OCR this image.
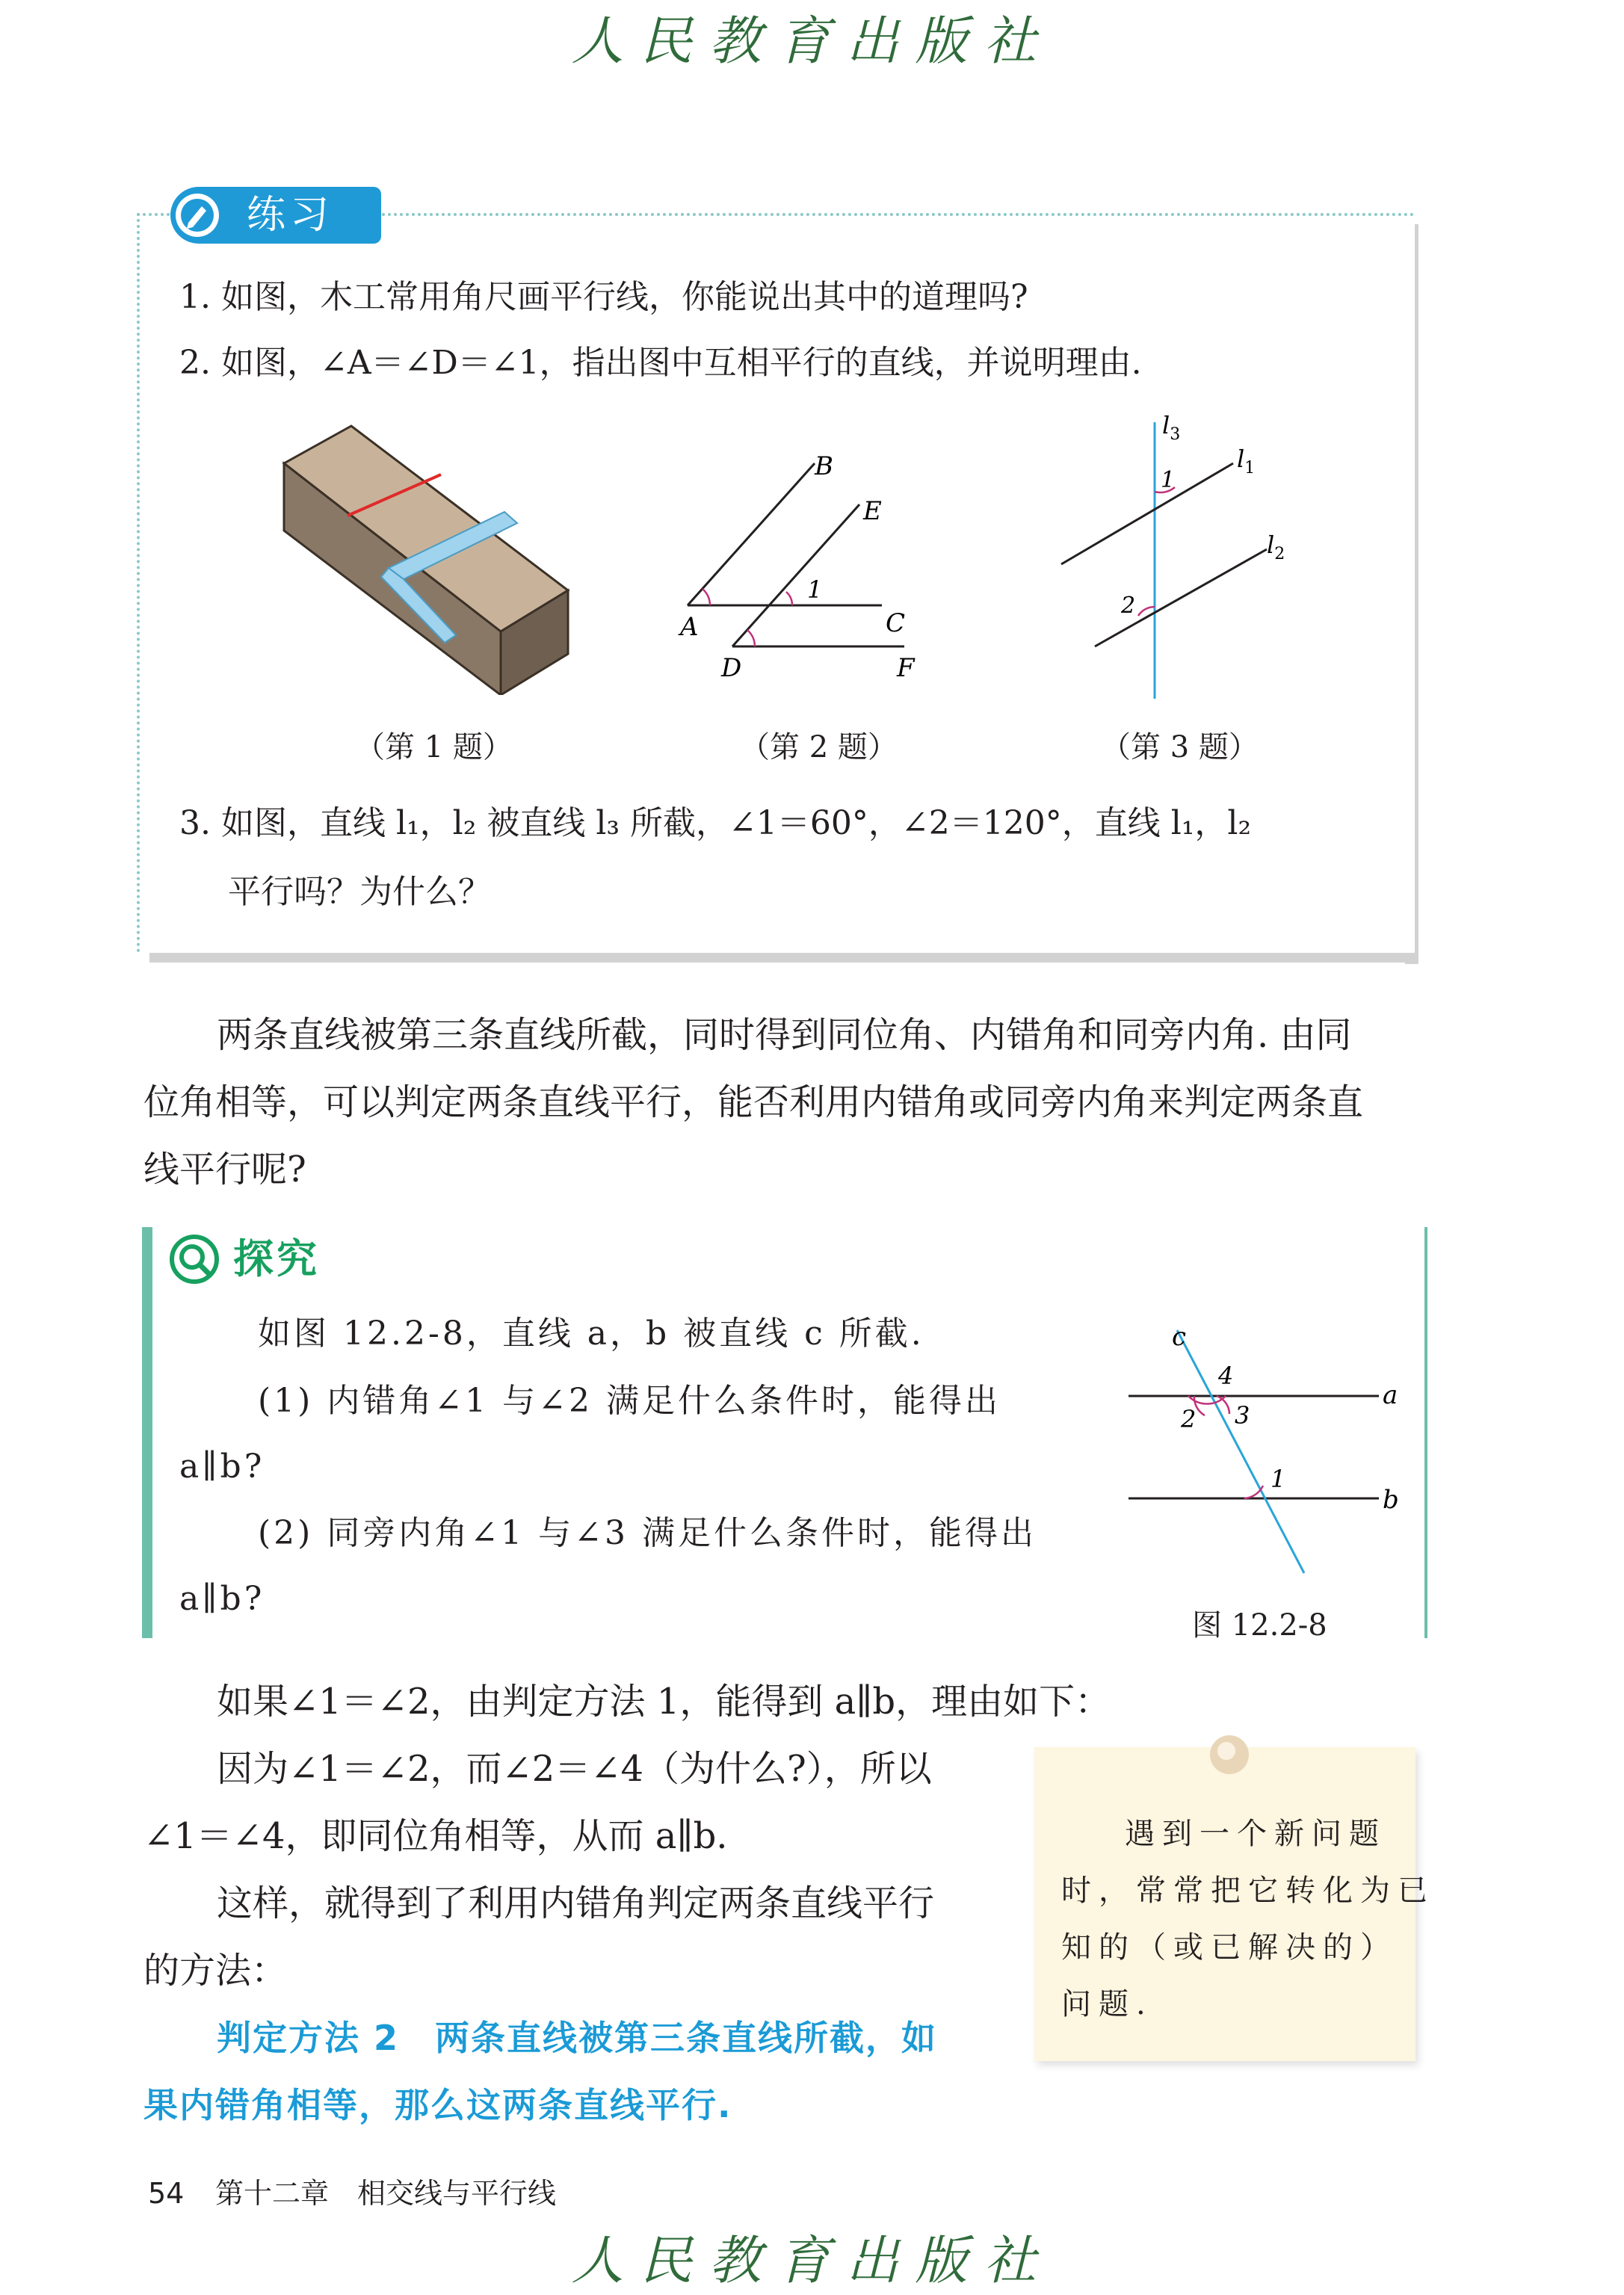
人民教育出版社
练习
1. 如图，木工常用角尺画平行线，你能说出其中的道理吗?
2. 如图，∠A＝∠D＝∠1，指出图中互相平行的直线，并说明理由.
B
E
1
A	C
D	F
$l_3$
$l_1$
$l_2$
1
2
（第 1 题）	（第 2 题）	（第 3 题）
3. 如图，直线 l₁，l₂ 被直线 l₃ 所截，∠1＝60°，∠2＝120°，直线 l₁，l₂
平行吗？为什么？
两条直线被第三条直线所截，同时得到同位角、内错角和同旁内角. 由同
位角相等，可以判定两条直线平行，能否利用内错角或同旁内角来判定两条直
线平行呢?
探究
如图 12.2-8，直线 a，b 被直线 c 所截.
(1) 内错角∠1 与∠2 满足什么条件时，能得出
a∥b?
(2) 同旁内角∠1 与∠3 满足什么条件时，能得出
a∥b?
c
a
b
4
2 3
1
图 12.2-8
如果∠1＝∠2，由判定方法 1，能得到 a∥b，理由如下：
因为∠1＝∠2，而∠2＝∠4（为什么?），所以
∠1＝∠4，即同位角相等，从而 a∥b.
这样，就得到了利用内错角判定两条直线平行
的方法：
判定方法 2　两条直线被第三条直线所截，如
果内错角相等，那么这两条直线平行.
遇到一个新问题
时，常常把它转化为已
知的（或已解决的）
问题.
54 第十二章　相交线与平行线
人民教育出版社
